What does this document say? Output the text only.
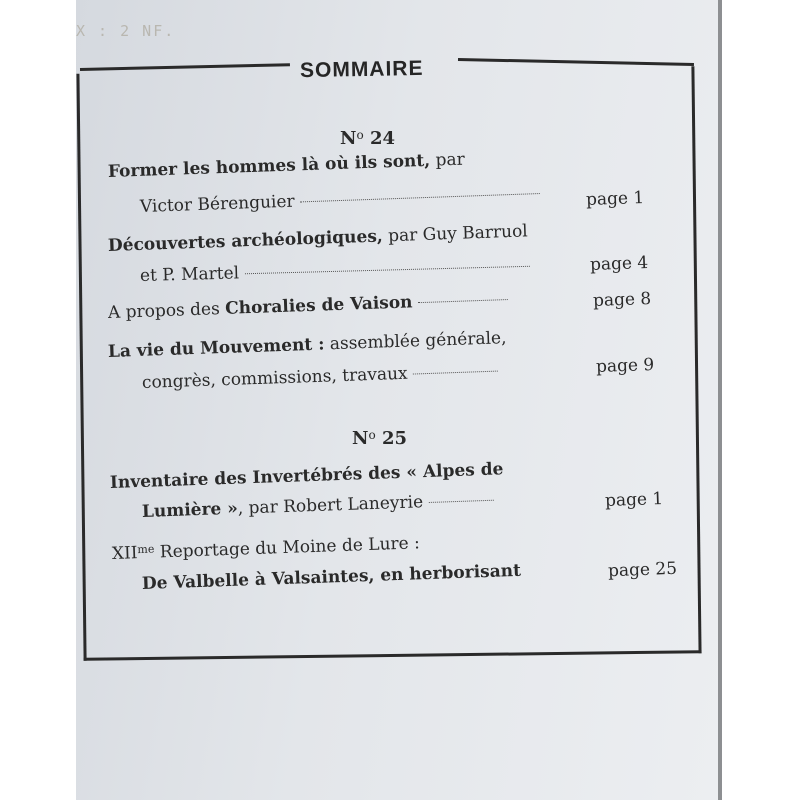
X : 2 NF.
SOMMAIRE
$N^o$ 24
Former les hommes là où ils sont, par
Victor Bérenguier	page 1
Découvertes archéologiques, par Guy Barruol
et P. Martel	page 4
A propos des Choralies de Vaison	page 8
La vie du Mouvement : assemblée générale,
congrès, commissions, travaux	page 9
$N^o$ 25
Inventaire des Invertébrés des « Alpes de
Lumière », par Robert Laneyrie	page 1
$XII^{me}$ Reportage du Moine de Lure :
De Valbelle à Valsaintes, en herborisant	page 25
